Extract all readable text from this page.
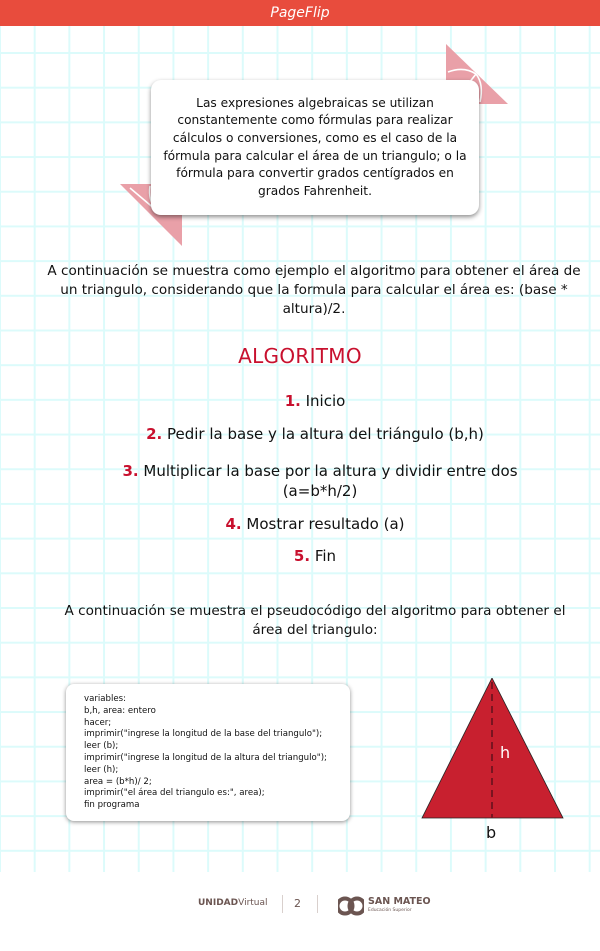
PageFlip
Las expresiones algebraicas se utilizan constantemente como fórmulas para realizar cálculos o conversiones, como es el caso de la fórmula para calcular el área de un triangulo; o la fórmula para convertir grados centígrados en grados Fahrenheit.
A continuación se muestra como ejemplo el algoritmo para obtener el área de un triangulo, considerando que la formula para calcular el área es: (base * altura)/2.
ALGORITMO
1. Inicio
2. Pedir la base y la altura del triángulo (b,h)
3. Multiplicar la base por la altura y dividir entre dos (a=b*h/2)
4. Mostrar resultado (a)
5. Fin
A continuación se muestra el pseudocódigo del algoritmo para obtener el área del triangulo:
variables:
b,h, area: entero
hacer;
imprimir("ingrese la longitud de la base del triangulo");
leer (b);
imprimir("ingrese la longitud de la altura del triangulo");
leer (h);
area = (b*h)/ 2;
imprimir("el área del triangulo es:", area);
fin programa
h
b
UNIDADVirtual 2	SAN MATEO
Educación Superior
